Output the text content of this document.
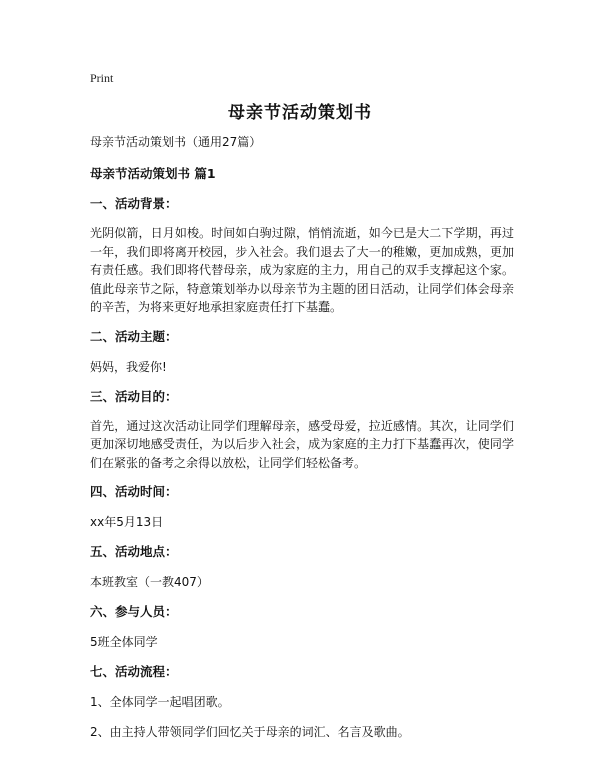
Print
母亲节活动策划书
母亲节活动策划书（通用27篇）
母亲节活动策划书 篇1
一、活动背景：
光阴似箭，日月如梭。时间如白驹过隙，悄悄流逝，如今已是大二下学期，再过一年，我们即将离开校园，步入社会。我们退去了大一的稚嫩，更加成熟，更加有责任感。我们即将代替母亲，成为家庭的主力，用自己的双手支撑起这个家。值此母亲节之际，特意策划举办以母亲节为主题的团日活动，让同学们体会母亲的辛苦，为将来更好地承担家庭责任打下基蠢。
二、活动主题：
妈妈，我爱你!
三、活动目的：
首先，通过这次活动让同学们理解母亲，感受母爱，拉近感情。其次，让同学们更加深切地感受责任，为以后步入社会，成为家庭的主力打下基蠢再次，使同学们在紧张的备考之余得以放松，让同学们轻松备考。
四、活动时间：
xx年5月13日
五、活动地点：
本班教室（一教407）
六、参与人员：
5班全体同学
七、活动流程：
1、全体同学一起唱团歌。
2、由主持人带领同学们回忆关于母亲的词汇、名言及歌曲。
